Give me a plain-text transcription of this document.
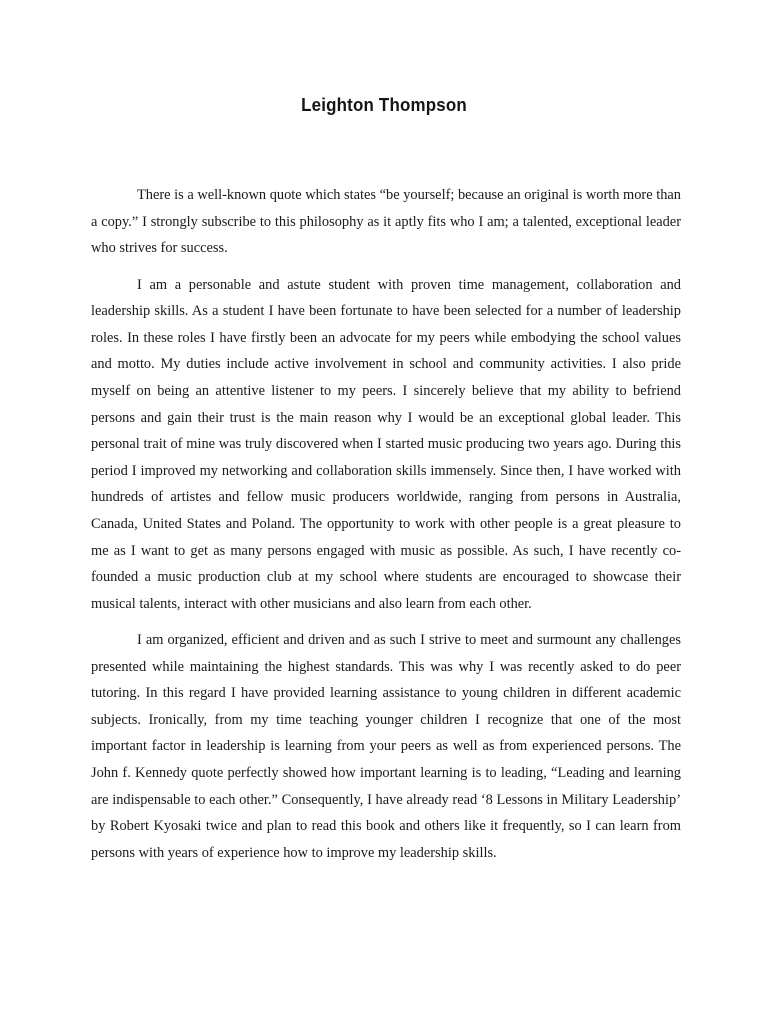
Leighton Thompson

There is a well-known quote which states “be yourself; because an original is worth more than a copy.” I strongly subscribe to this philosophy as it aptly fits who I am; a talented, exceptional leader who strives for success.

I am a personable and astute student with proven time management, collaboration and leadership skills. As a student I have been fortunate to have been selected for a number of leadership roles. In these roles I have firstly been an advocate for my peers while embodying the school values and motto. My duties include active involvement in school and community activities. I also pride myself on being an attentive listener to my peers. I sincerely believe that my ability to befriend persons and gain their trust is the main reason why I would be an exceptional global leader. This personal trait of mine was truly discovered when I started music producing two years ago. During this period I improved my networking and collaboration skills immensely. Since then, I have worked with hundreds of artistes and fellow music producers worldwide, ranging from persons in Australia, Canada, United States and Poland. The opportunity to work with other people is a great pleasure to me as I want to get as many persons engaged with music as possible. As such, I have recently co-founded a music production club at my school where students are encouraged to showcase their musical talents, interact with other musicians and also learn from each other.

I am organized, efficient and driven and as such I strive to meet and surmount any challenges presented while maintaining the highest standards. This was why I was recently asked to do peer tutoring. In this regard I have provided learning assistance to young children in different academic subjects. Ironically, from my time teaching younger children I recognize that one of the most important factor in leadership is learning from your peers as well as from experienced persons. The John f. Kennedy quote perfectly showed how important learning is to leading, “Leading and learning are indispensable to each other.” Consequently, I have already read ‘8 Lessons in Military Leadership’ by Robert Kyosaki twice and plan to read this book and others like it frequently, so I can learn from persons with years of experience how to improve my leadership skills.
